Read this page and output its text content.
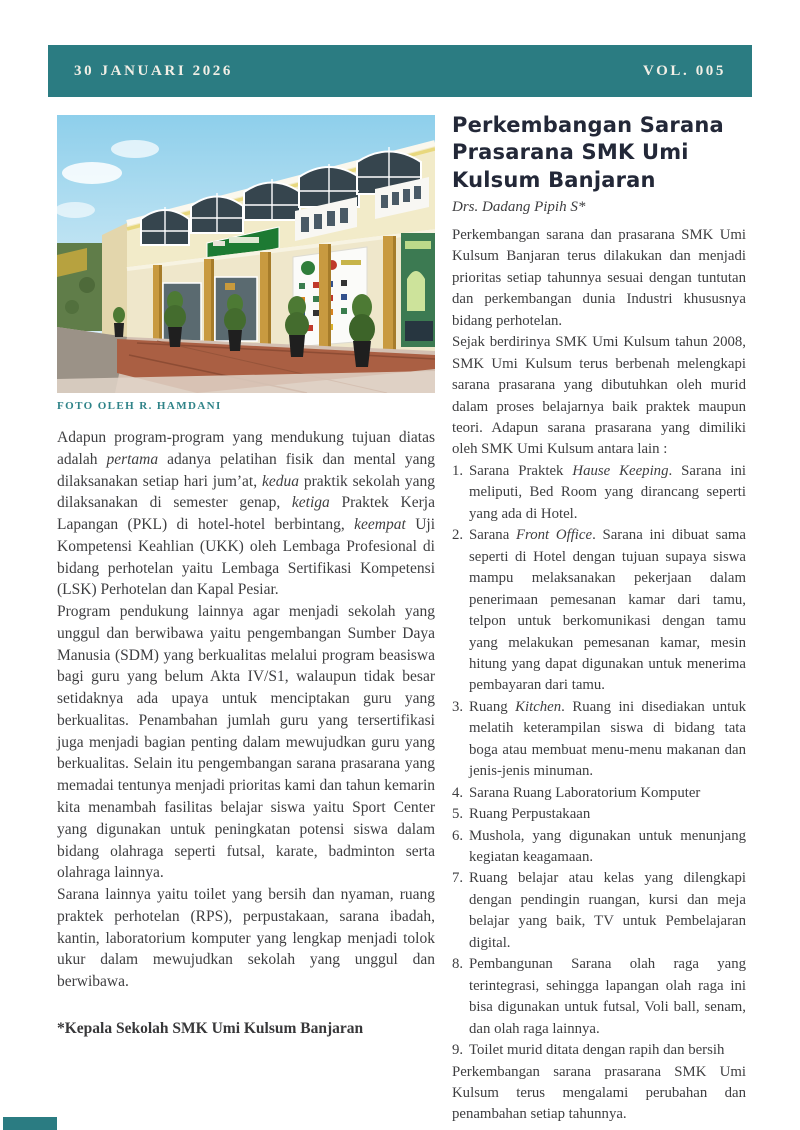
30 JANUARI 2026	VOL. 005
FOTO OLEH R. HAMDANI

Adapun program-program yang mendukung tujuan diatas adalah pertama adanya pelatihan fisik dan mental yang dilaksanakan setiap hari jum’at, kedua praktik sekolah yang dilaksanakan di semester genap, ketiga Praktek Kerja Lapangan (PKL) di hotel-hotel berbintang, keempat Uji Kompetensi Keahlian (UKK) oleh Lembaga Profesional di bidang perhotelan yaitu Lembaga Sertifikasi Kompetensi (LSK) Perhotelan dan Kapal Pesiar.

Program pendukung lainnya agar menjadi sekolah yang unggul dan berwibawa yaitu pengembangan Sumber Daya Manusia (SDM) yang berkualitas melalui program beasiswa bagi guru yang belum Akta IV/S1, walaupun tidak besar setidaknya ada upaya untuk menciptakan guru yang berkualitas. Penambahan jumlah guru yang tersertifikasi juga menjadi bagian penting dalam mewujudkan guru yang berkualitas. Selain itu pengembangan sarana prasarana yang memadai tentunya menjadi prioritas kami dan tahun kemarin kita menambah fasilitas belajar siswa yaitu Sport Center yang digunakan untuk peningkatan potensi siswa dalam bidang olahraga seperti futsal, karate, badminton serta olahraga lainnya.

Sarana lainnya yaitu toilet yang bersih dan nyaman, ruang praktek perhotelan (RPS), perpustakaan, sarana ibadah, kantin, laboratorium komputer yang lengkap menjadi tolok ukur dalam mewujudkan sekolah yang unggul dan berwibawa.

*Kepala Sekolah SMK Umi Kulsum Banjaran
Perkembangan Sarana Prasarana SMK Umi Kulsum Banjaran
Drs. Dadang Pipih S*

Perkembangan sarana dan prasarana SMK Umi Kulsum Banjaran terus dilakukan dan menjadi prioritas setiap tahunnya sesuai dengan tuntutan dan perkembangan dunia Industri khususnya bidang perhotelan.

Sejak berdirinya SMK Umi Kulsum tahun 2008, SMK Umi Kulsum terus berbenah melengkapi sarana prasarana yang dibutuhkan oleh murid dalam proses belajarnya baik praktek maupun teori. Adapun sarana prasarana yang dimiliki oleh SMK Umi Kulsum antara lain :

Sarana Praktek Hause Keeping. Sarana ini meliputi, Bed Room yang dirancang seperti yang ada di Hotel.
Sarana Front Office. Sarana ini dibuat sama seperti di Hotel dengan tujuan supaya siswa mampu melaksanakan pekerjaan dalam penerimaan pemesanan kamar dari tamu, telpon untuk berkomunikasi dengan tamu yang melakukan pemesanan kamar, mesin hitung yang dapat digunakan untuk menerima pembayaran dari tamu.
Ruang Kitchen. Ruang ini disediakan untuk melatih keterampilan siswa di bidang tata boga atau membuat menu-menu makanan dan jenis-jenis minuman.
Sarana Ruang Laboratorium Komputer
Ruang Perpustakaan
Mushola, yang digunakan untuk menunjang kegiatan keagamaan.
Ruang belajar atau kelas yang dilengkapi dengan pendingin ruangan, kursi dan meja belajar yang baik, TV untuk Pembelajaran digital.
Pembangunan Sarana olah raga yang terintegrasi, sehingga lapangan olah raga ini bisa digunakan untuk futsal, Voli ball, senam, dan olah raga lainnya.
Toilet murid ditata dengan rapih dan bersih

Perkembangan sarana prasarana SMK Umi Kulsum terus mengalami perubahan dan penambahan setiap tahunnya.
